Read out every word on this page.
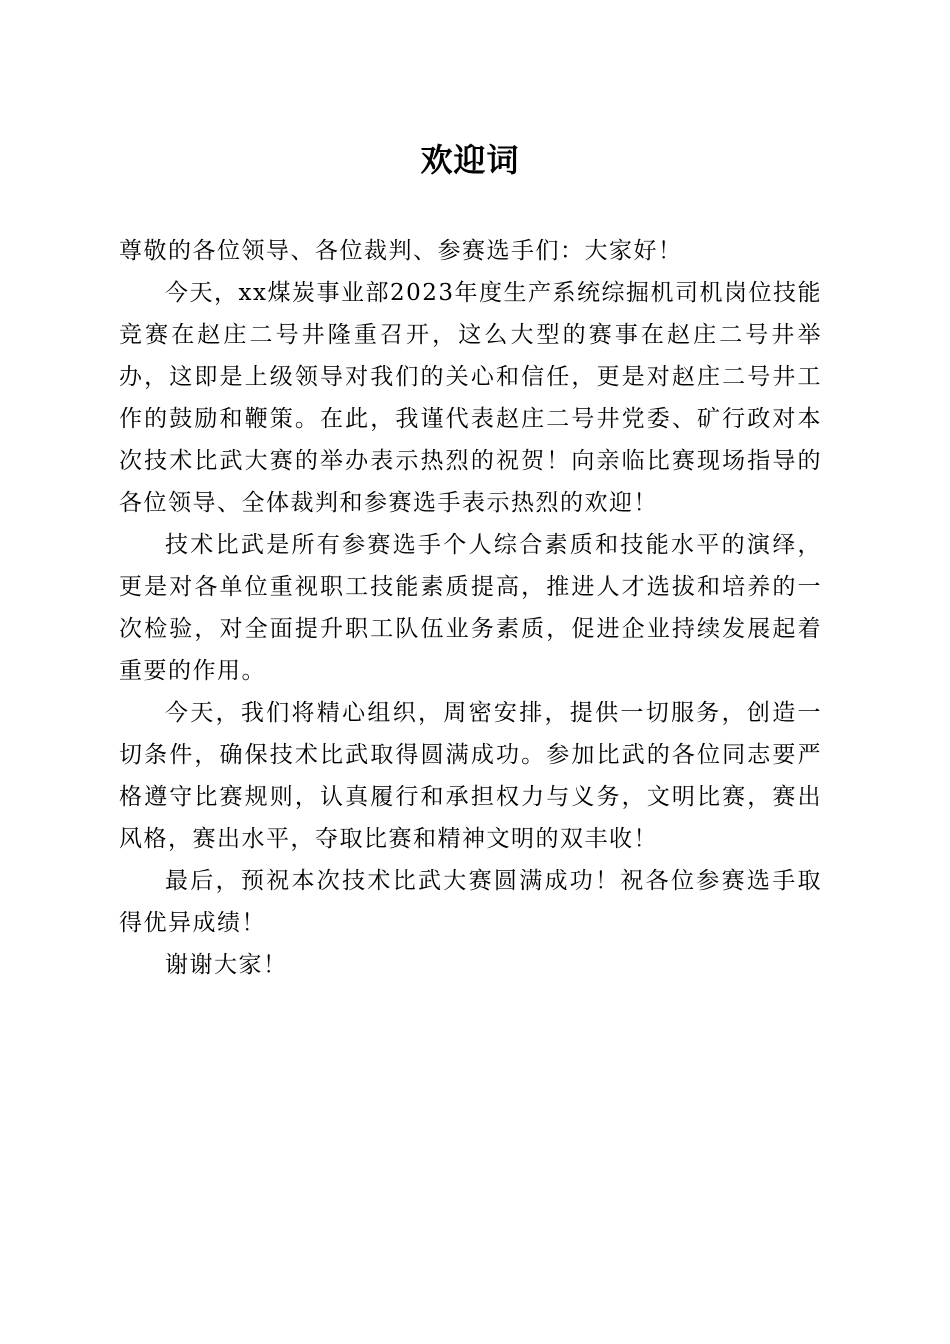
欢迎词

尊敬的各位领导、各位裁判、参赛选手们：大家好！

今天，xx煤炭事业部2023年度生产系统综掘机司机岗位技能竞赛在赵庄二号井隆重召开，这么大型的赛事在赵庄二号井举办，这即是上级领导对我们的关心和信任，更是对赵庄二号井工作的鼓励和鞭策。在此，我谨代表赵庄二号井党委、矿行政对本次技术比武大赛的举办表示热烈的祝贺！向亲临比赛现场指导的各位领导、全体裁判和参赛选手表示热烈的欢迎！

技术比武是所有参赛选手个人综合素质和技能水平的演绎，更是对各单位重视职工技能素质提高，推进人才选拔和培养的一次检验，对全面提升职工队伍业务素质，促进企业持续发展起着重要的作用。

今天，我们将精心组织，周密安排，提供一切服务，创造一切条件，确保技术比武取得圆满成功。参加比武的各位同志要严格遵守比赛规则，认真履行和承担权力与义务，文明比赛，赛出风格，赛出水平，夺取比赛和精神文明的双丰收！

最后，预祝本次技术比武大赛圆满成功！祝各位参赛选手取得优异成绩！

谢谢大家！
